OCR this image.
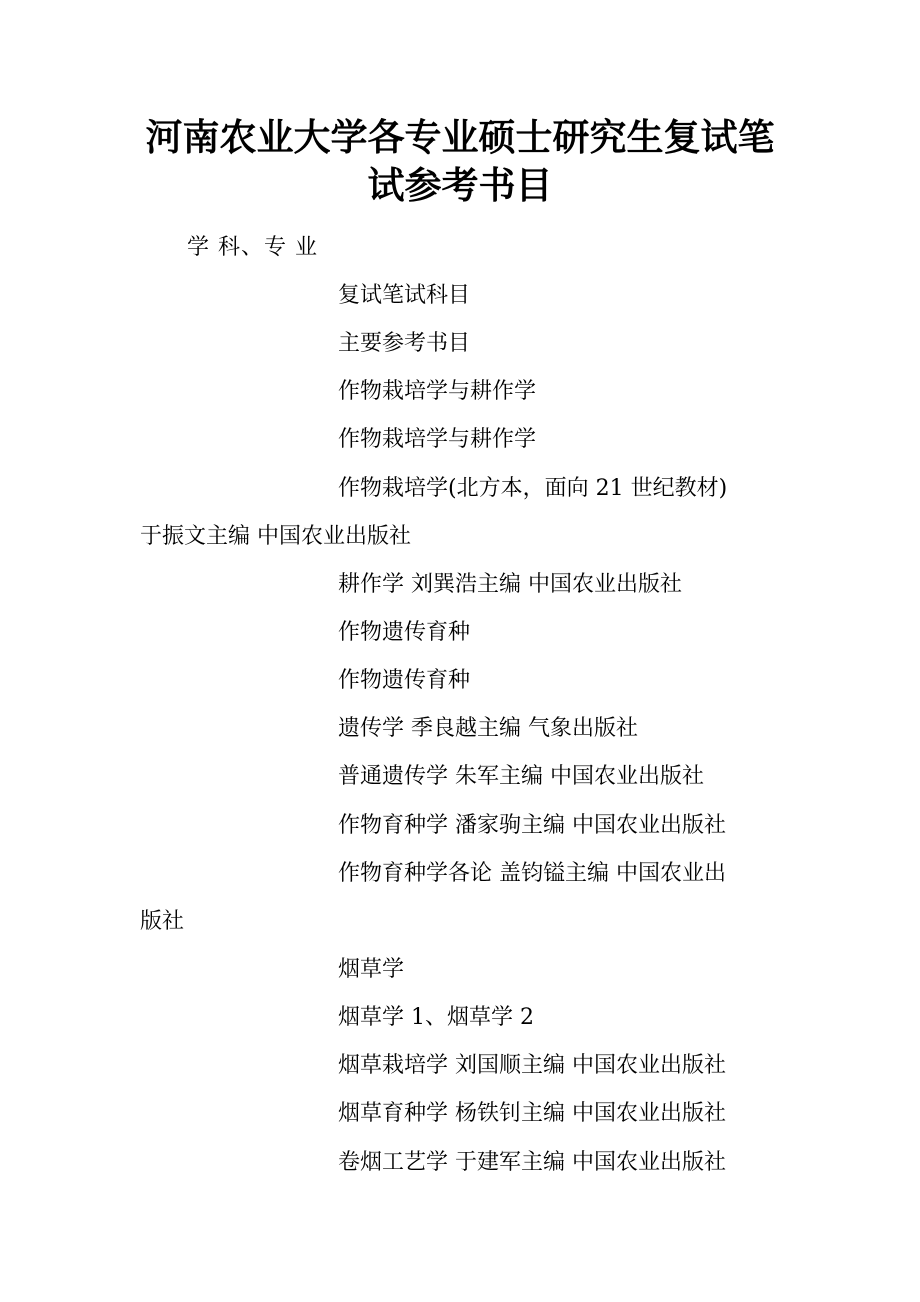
河南农业大学各专业硕士研究生复试笔
试参考书目

学 科、专 业

复试笔试科目

主要参考书目

作物栽培学与耕作学

作物栽培学与耕作学

作物栽培学(北方本，面向 21 世纪教材)

于振文主编 中国农业出版社

耕作学 刘巽浩主编 中国农业出版社

作物遗传育种

作物遗传育种

遗传学 季良越主编 气象出版社

普通遗传学 朱军主编 中国农业出版社

作物育种学 潘家驹主编 中国农业出版社

作物育种学各论 盖钧镒主编 中国农业出

版社

烟草学

烟草学 1、烟草学 2

烟草栽培学 刘国顺主编 中国农业出版社

烟草育种学 杨铁钊主编 中国农业出版社

卷烟工艺学 于建军主编 中国农业出版社
